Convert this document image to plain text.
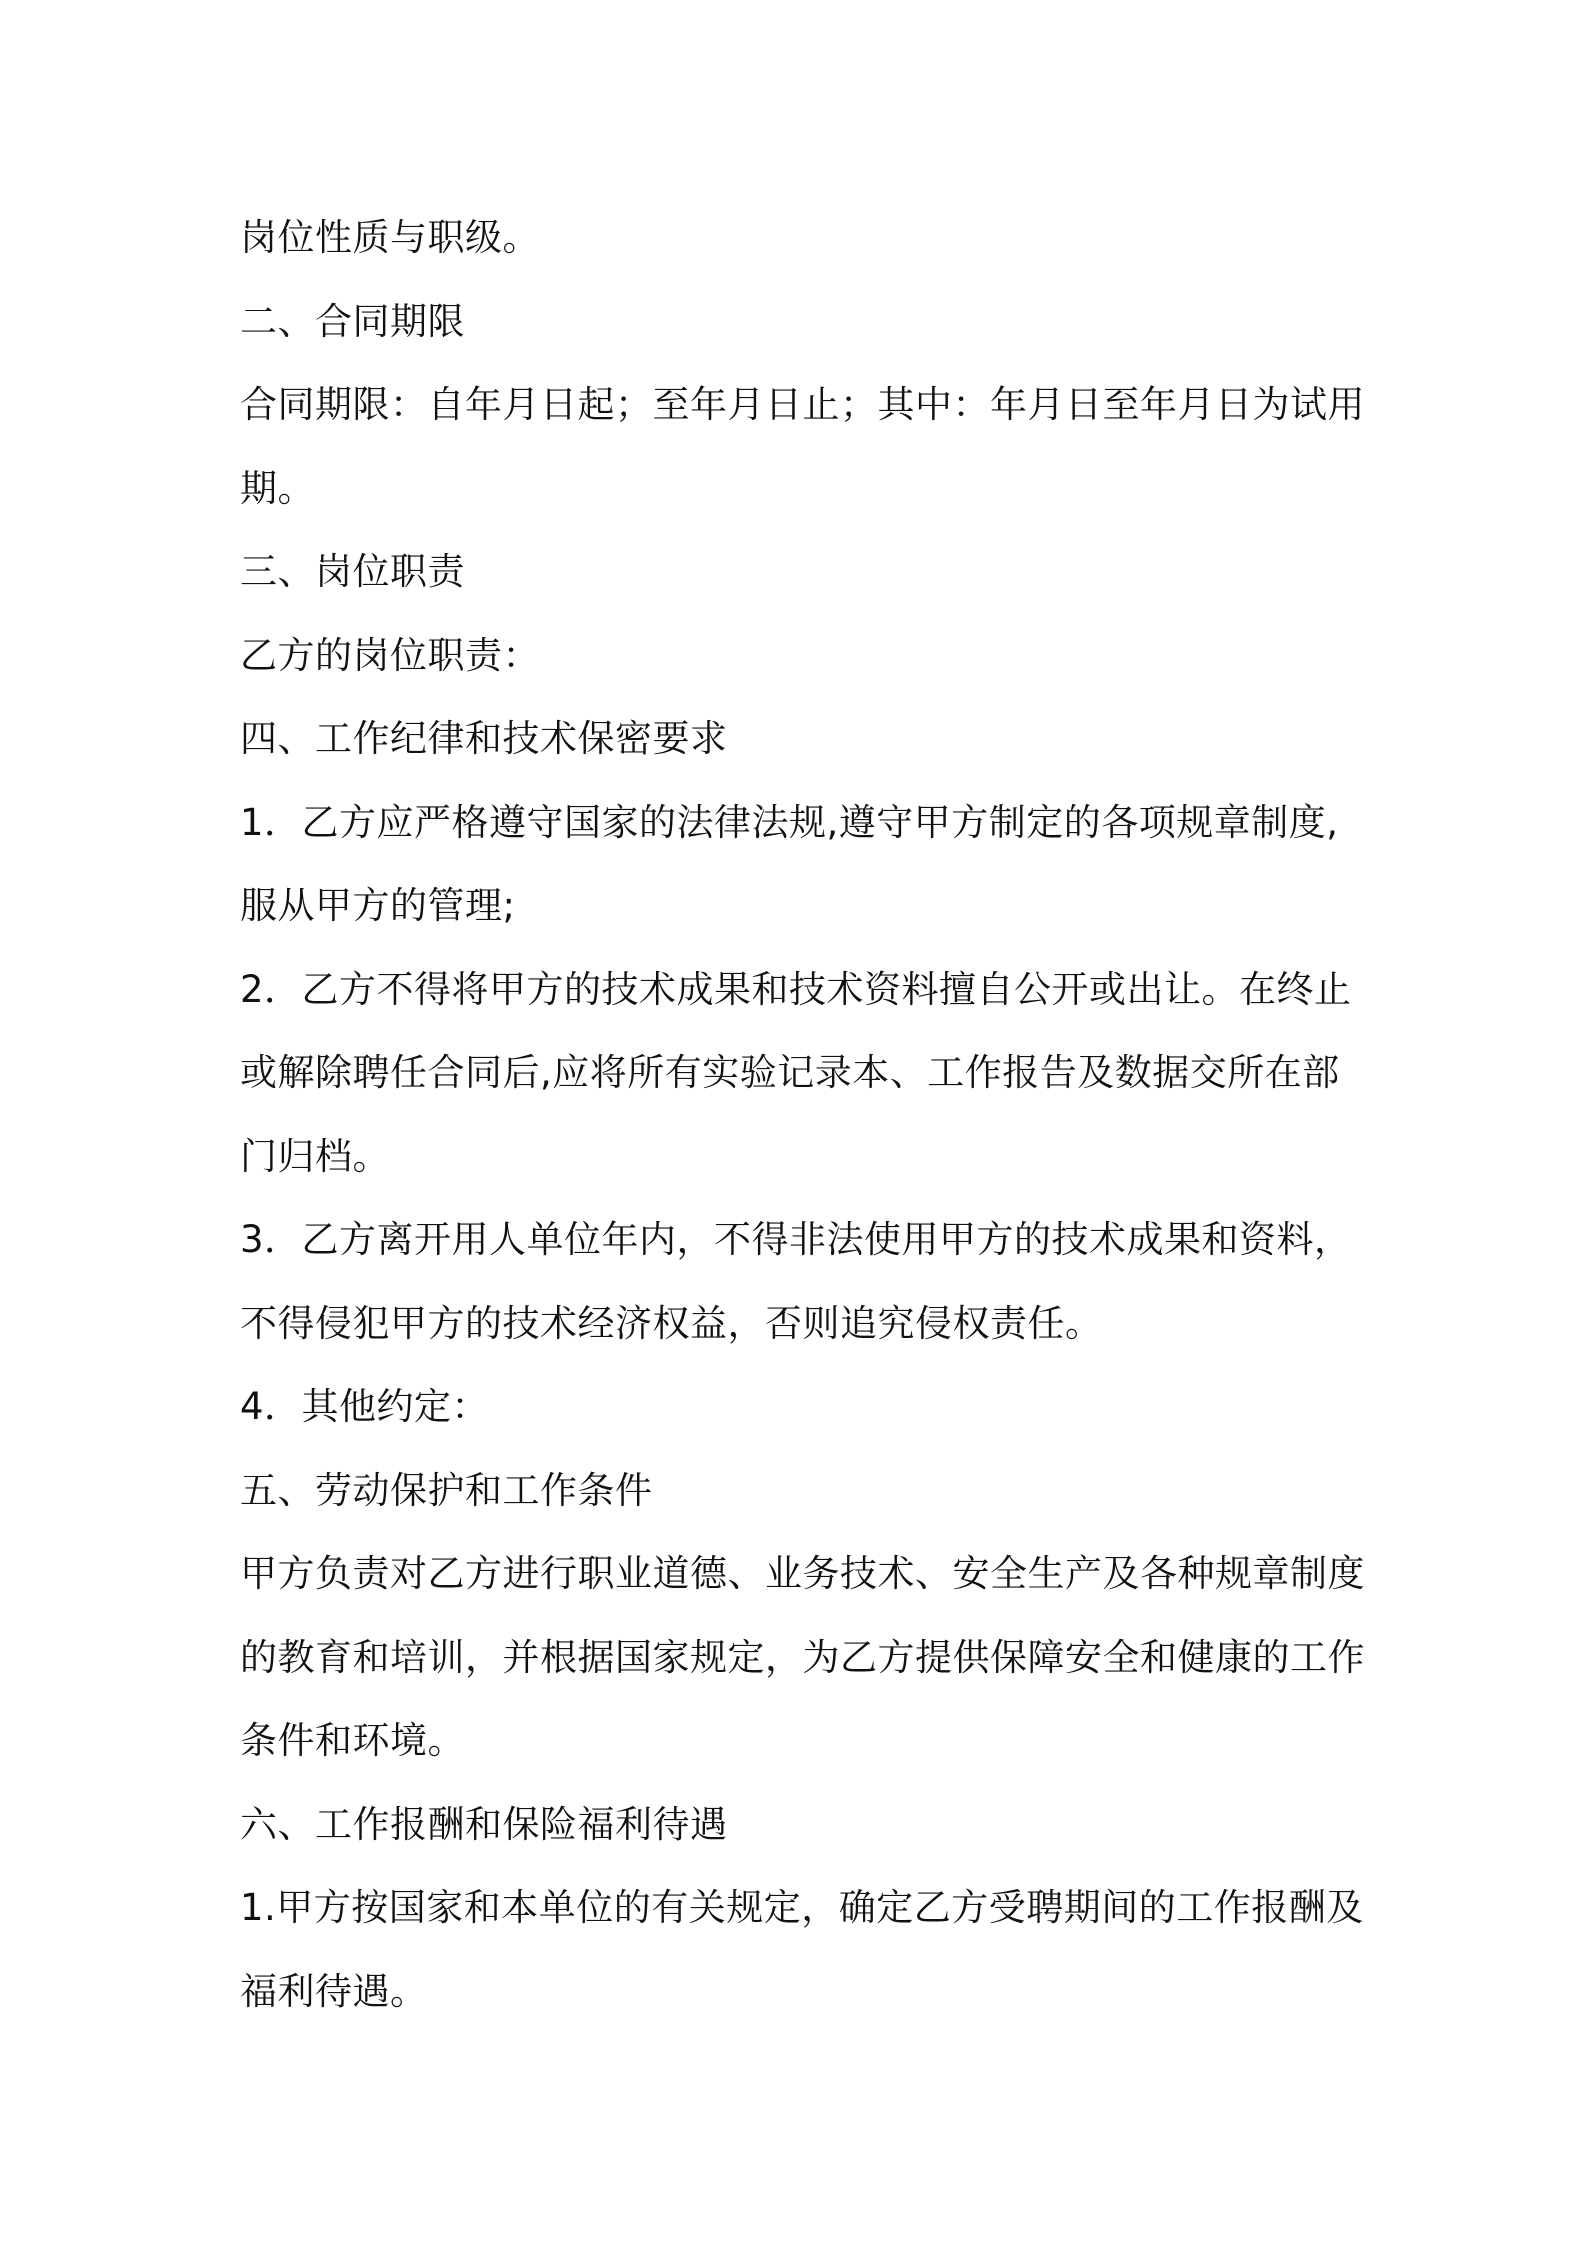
岗位性质与职级。
二、合同期限
合同期限：自年月日起；至年月日止；其中：年月日至年月日为试用
期。
三、岗位职责
乙方的岗位职责：
四、工作纪律和技术保密要求
1．乙方应严格遵守国家的法律法规,遵守甲方制定的各项规章制度,
服从甲方的管理;
2．乙方不得将甲方的技术成果和技术资料擅自公开或出让。在终止
或解除聘任合同后,应将所有实验记录本、工作报告及数据交所在部
门归档。
3．乙方离开用人单位年内，不得非法使用甲方的技术成果和资料，
不得侵犯甲方的技术经济权益，否则追究侵权责任。
4．其他约定：
五、劳动保护和工作条件
甲方负责对乙方进行职业道德、业务技术、安全生产及各种规章制度
的教育和培训，并根据国家规定，为乙方提供保障安全和健康的工作
条件和环境。
六、工作报酬和保险福利待遇
1.甲方按国家和本单位的有关规定，确定乙方受聘期间的工作报酬及
福利待遇。
